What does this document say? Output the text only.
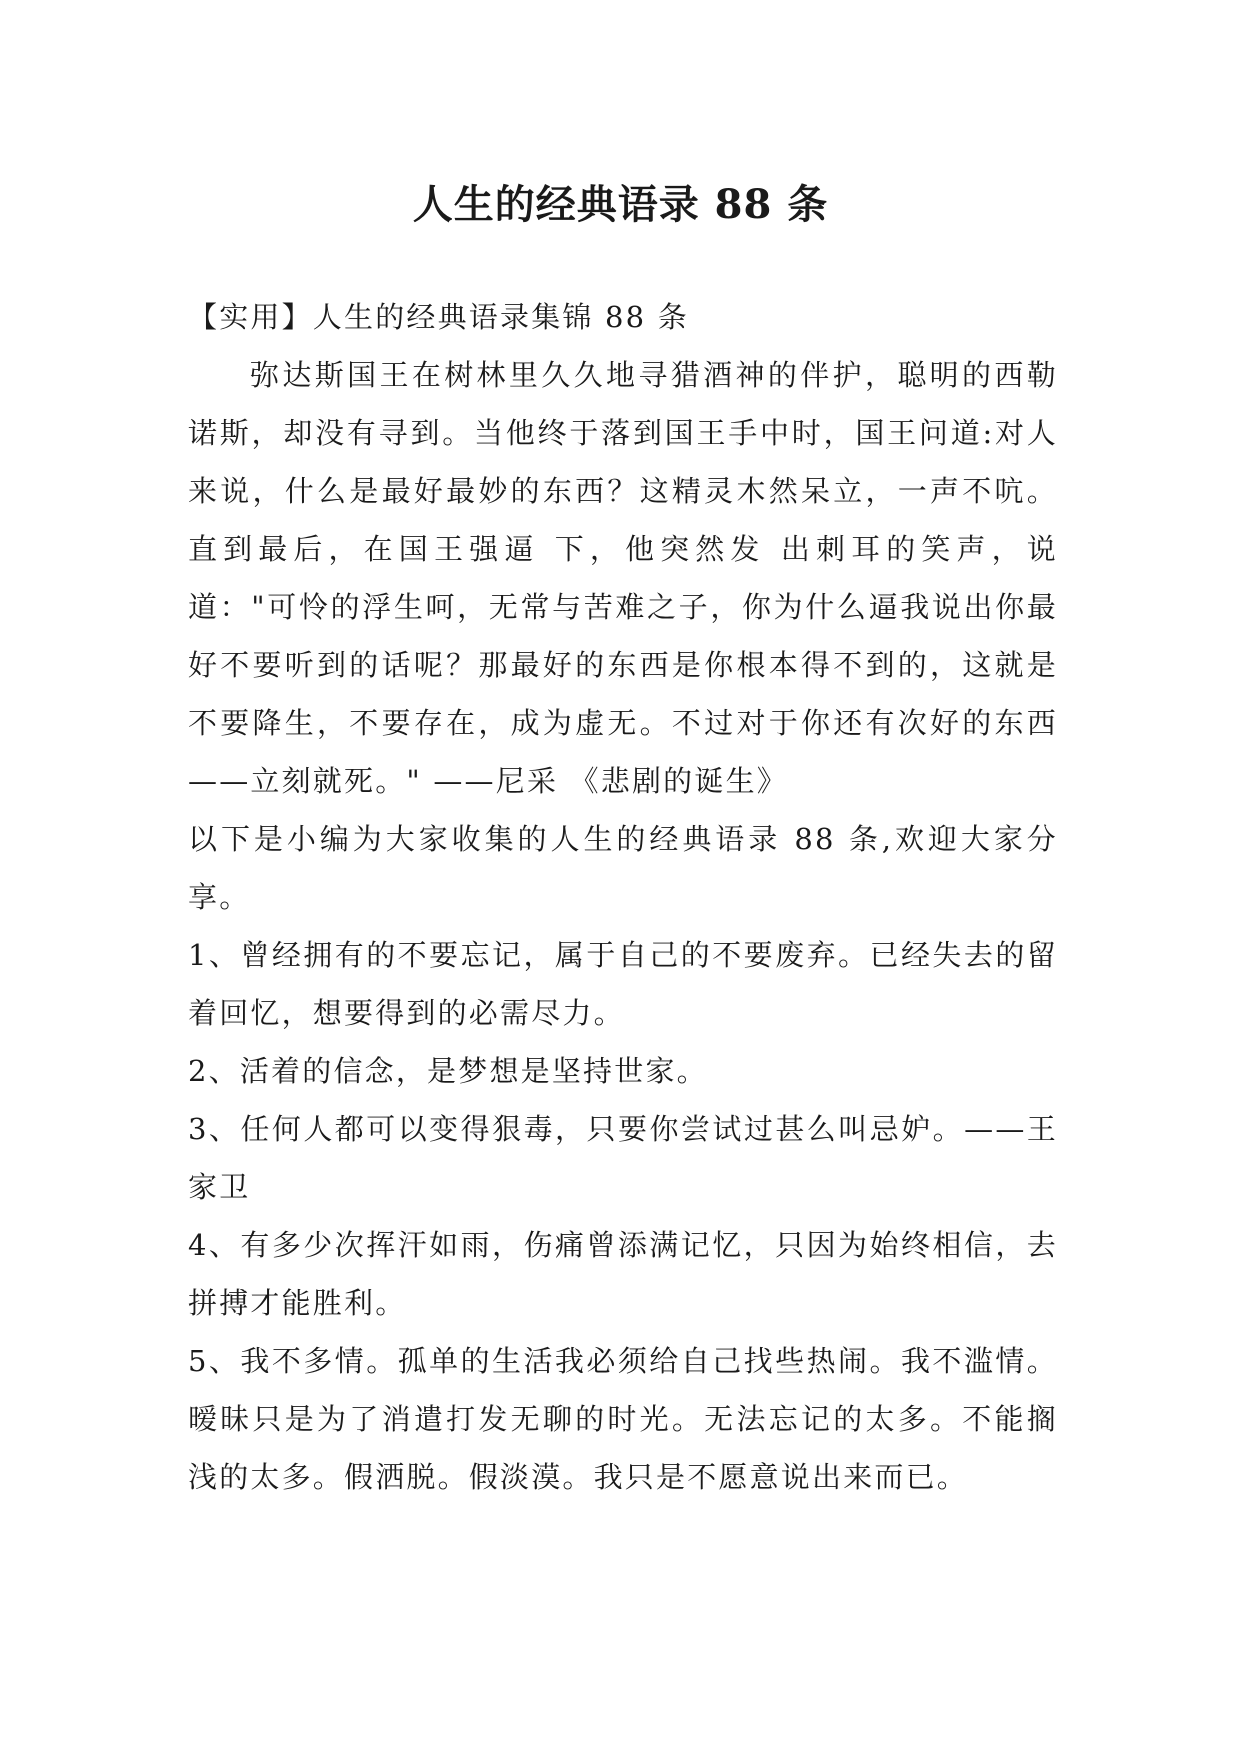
人生的经典语录 88 条

【实用】人生的经典语录集锦 88 条

弥达斯国王在树林里久久地寻猎酒神的伴护，聪明的西勒诺斯，却没有寻到。当他终于落到国王手中时，国王问道:对人来说，什么是最好最妙的东西？这精灵木然呆立，一声不吭。直到最后，在国王强逼 下，他突然发 出刺耳的笑声，说道："可怜的浮生呵，无常与苦难之子，你为什么逼我说出你最好不要听到的话呢？那最好的东西是你根本得不到的，这就是不要降生，不要存在，成为虚无。不过对于你还有次好的东西——立刻就死。" ——尼采 《悲剧的诞生》

以下是小编为大家收集的人生的经典语录 88 条,欢迎大家分享。

1、曾经拥有的不要忘记，属于自己的不要废弃。已经失去的留着回忆，想要得到的必需尽力。

2、活着的信念，是梦想是坚持世家。

3、任何人都可以变得狠毒，只要你尝试过甚么叫忌妒。——王家卫

4、有多少次挥汗如雨，伤痛曾添满记忆，只因为始终相信，去拼搏才能胜利。

5、我不多情。孤单的生活我必须给自己找些热闹。我不滥情。暧昧只是为了消遣打发无聊的时光。无法忘记的太多。不能搁浅的太多。假洒脱。假淡漠。我只是不愿意说出来而已。
